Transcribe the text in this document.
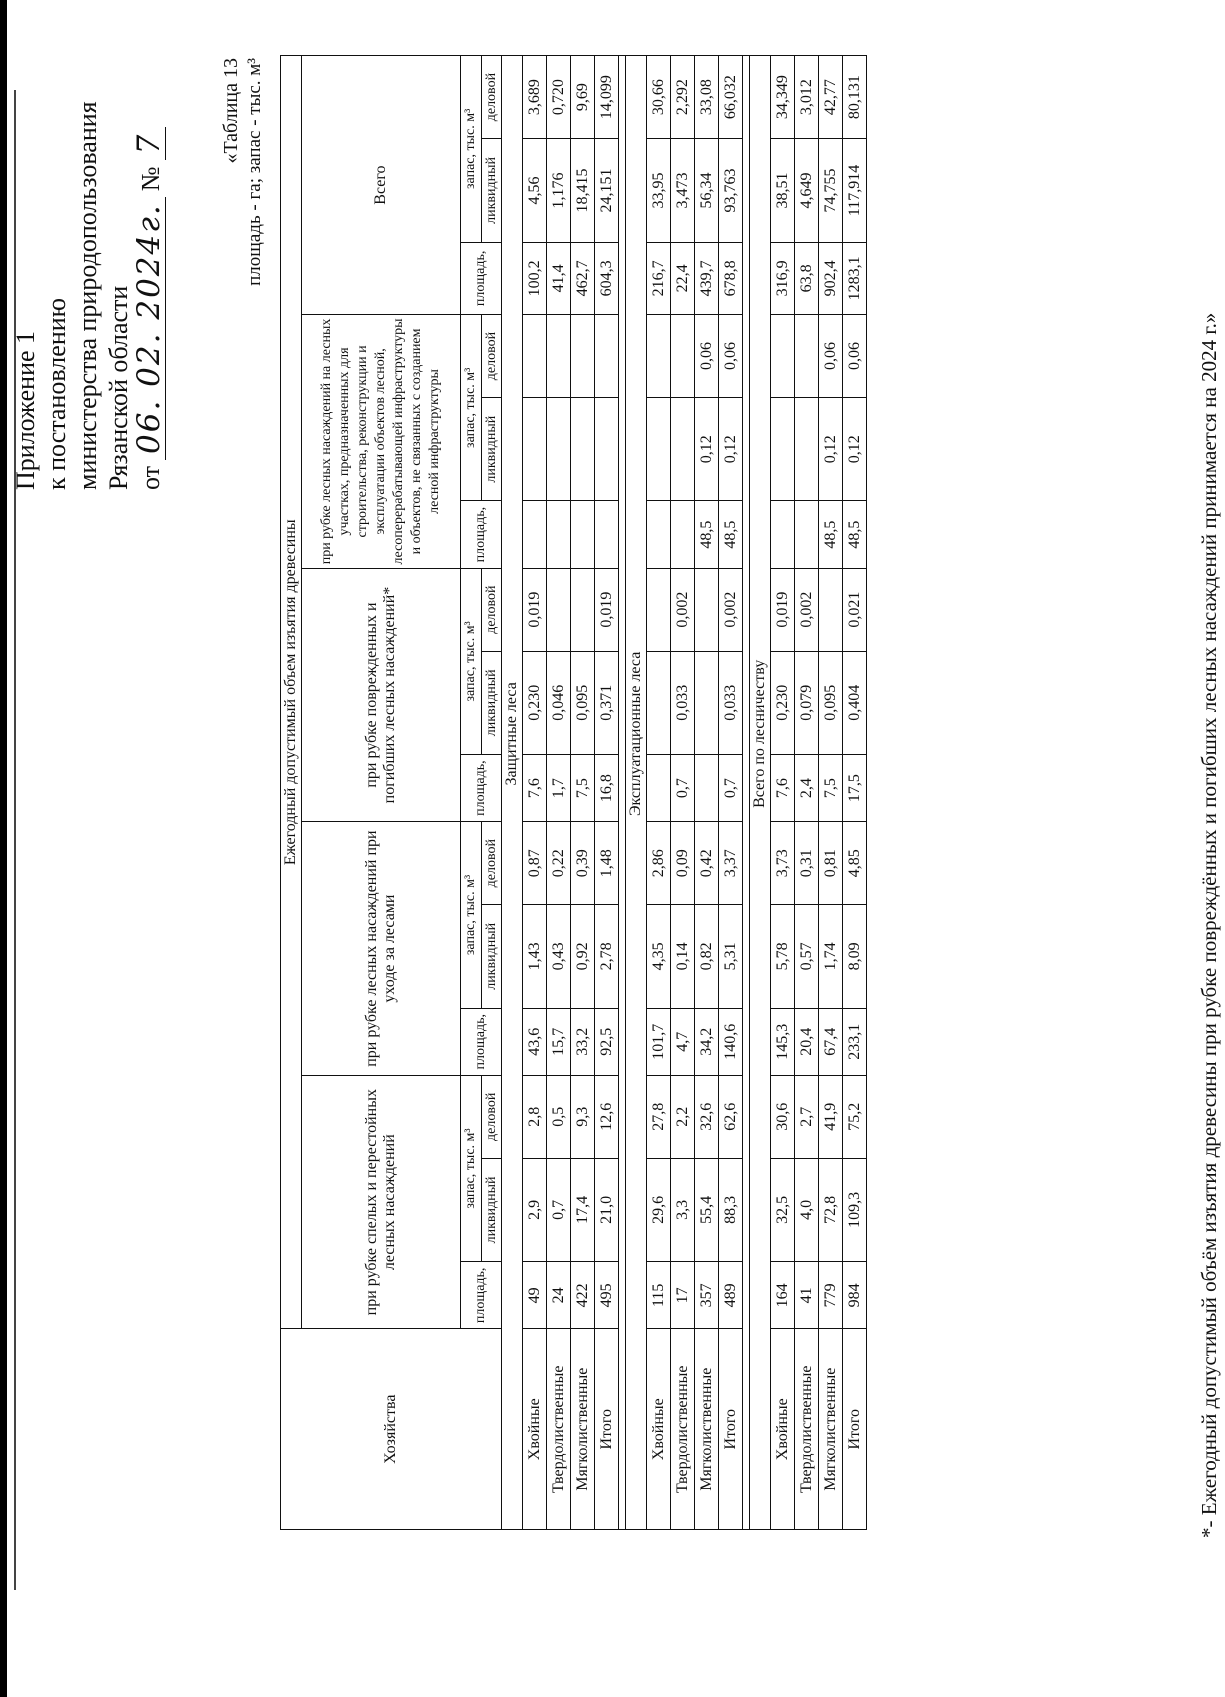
Приложение 1 к постановлению министерства природопользования Рязанской области от
06. 02. 2024г.
№
7	«Таблица 13 площадь - га; запас - тыс. м³
Хозяйства	Ежегодный допустимый объем изъятия древесины														
	при рубке спелых и перестойных лесных насаждений			при рубке лесных насаждений при уходе за лесами			при рубке поврежденных и погибших лесных насаждений*			при рубке лесных насаждений на лесных участках, предназначенных для строительства, реконструкции и эксплуатации объектов лесной, лесоперерабатывающей инфраструктуры и объектов, не связанных с созданием лесной инфраструктуры			Всего		
	площадь,	запас, тыс. м³		площадь,	запас, тыс. м³		площадь,	запас, тыс. м³		площадь,	запас, тыс. м³		площадь,	запас, тыс. м³	
		ликвидный	деловой		ликвидный	деловой		ликвидный	деловой		ликвидный	деловой		ликвидный	деловой
	Защитные леса														
Хвойные	49	2,9	2,8	43,6	1,43	0,87	7,6	0,230	0,019				100,2	4,56	3,689
Твердолиственные	24	0,7	0,5	15,7	0,43	0,22	1,7	0,046					41,4	1,176	0,720
Мягколиственные	422	17,4	9,3	33,2	0,92	0,39	7,5	0,095					462,7	18,415	9,69
Итого	495	21,0	12,6	92,5	2,78	1,48	16,8	0,371	0,019				604,3	24,151	14,099

	Эксплуатационные леса														
Хвойные	115	29,6	27,8	101,7	4,35	2,86							216,7	33,95	30,66
Твердолиственные	17	3,3	2,2	4,7	0,14	0,09	0,7	0,033	0,002				22,4	3,473	2,292
Мягколиственные	357	55,4	32,6	34,2	0,82	0,42				48,5	0,12	0,06	439,7	56,34	33,08
Итого	489	88,3	62,6	140,6	5,31	3,37	0,7	0,033	0,002	48,5	0,12	0,06	678,8	93,763	66,032

	Всего по лесничеству														
Хвойные	164	32,5	30,6	145,3	5,78	3,73	7,6	0,230	0,019				316,9	38,51	34,349
Твердолиственные	41	4,0	2,7	20,4	0,57	0,31	2,4	0,079	0,002				63,8	4,649	3,012
Мягколиственные	779	72,8	41,9	67,4	1,74	0,81	7,5	0,095		48,5	0,12	0,06	902,4	74,755	42,77
Итого	984	109,3	75,2	233,1	8,09	4,85	17,5	0,404	0,021	48,5	0,12	0,06	1283,1	117,914	80,131
*- Ежегодный допустимый объём изъятия древесины при рубке повреждённых и погибших лесных насаждений принимается на 2024 г.»
